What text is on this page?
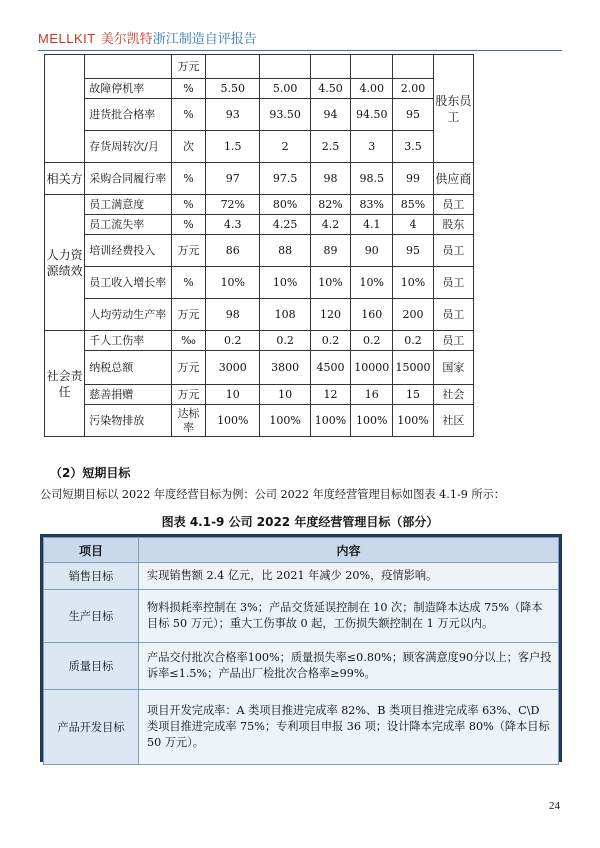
MELLKIT 美尔凯特浙江制造自评报告
		万元						股东员工
	故障停机率	%	5.50	5.00	4.50	4.00	2.00	
	进货批合格率	%	93	93.50	94	94.50	95	
	存货周转次/月	次	1.5	2	2.5	3	3.5	
相关方	采购合同履行率	%	97	97.5	98	98.5	99	供应商
人力资源绩效	员工满意度	%	72%	80%	82%	83%	85%	员工
	员工流失率	%	4.3	4.25	4.2	4.1	4	股东
	培训经费投入	万元	86	88	89	90	95	员工
	员工收入增长率	%	10%	10%	10%	10%	10%	员工
	人均劳动生产率	万元	98	108	120	160	200	员工
社会责任	千人工伤率	‰	0.2	0.2	0.2	0.2	0.2	员工
	纳税总额	万元	3000	3800	4500	10000	15000	国家
	慈善捐赠	万元	10	10	12	16	15	社会
	污染物排放	达标率	100%	100%	100%	100%	100%	社区
（2）短期目标
公司短期目标以 2022 年度经营目标为例：公司 2022 年度经营管理目标如图表 4.1-9 所示：
图表 4.1-9 公司 2022 年度经营管理目标（部分）
项目	内容
销售目标	实现销售额 2.4 亿元，比 2021 年减少 20%，疫情影响。
生产目标	物料损耗率控制在 3%；产品交货延误控制在 10 次；制造降本达成 75%（降本目标 50 万元）；重大工伤事故 0 起，工伤损失额控制在 1 万元以内。
质量目标	产品交付批次合格率100%；质量损失率≤0.80%；顾客满意度90分以上；客户投诉率≤1.5%；产品出厂检批次合格率≥99%。
产品开发目标	项目开发完成率：A 类项目推进完成率 82%、B 类项目推进完成率 63%、C\D 类项目推进完成率 75%；专利项目申报 36 项；设计降本完成率 80%（降本目标 50 万元）。
24
